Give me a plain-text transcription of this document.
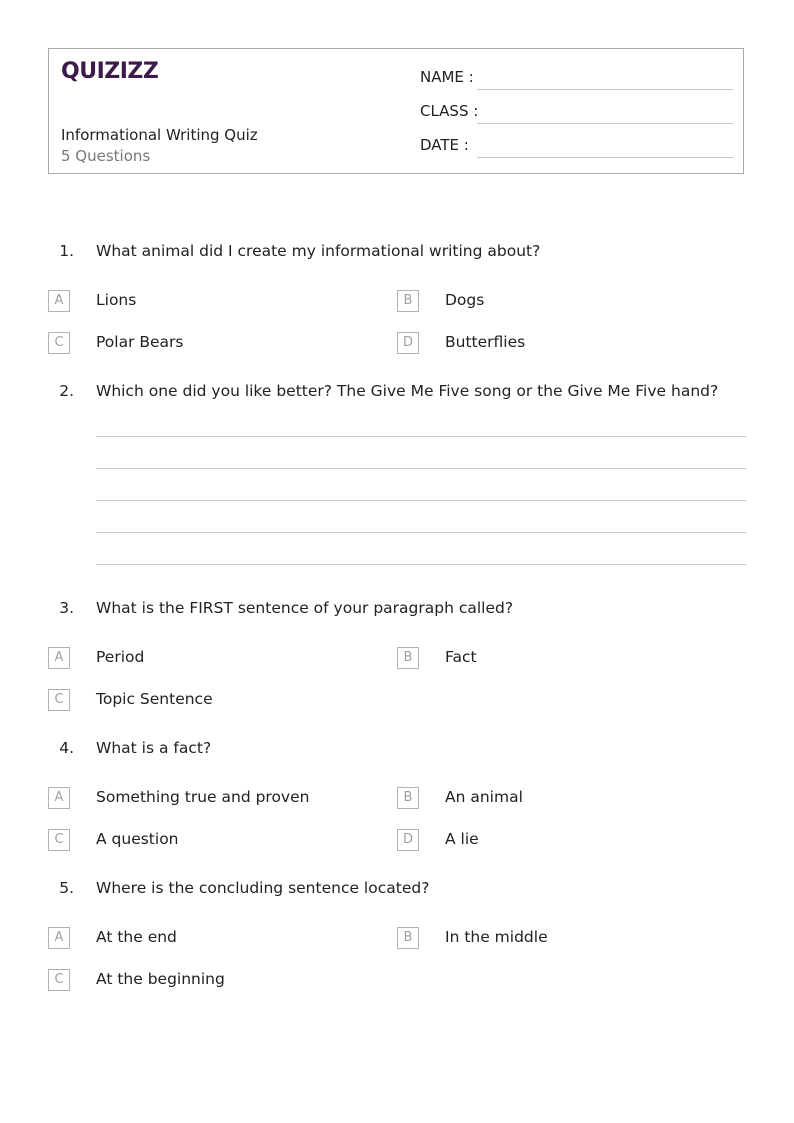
QUIZIZZ
Informational Writing Quiz
5 Questions
NAME :
CLASS :
DATE :
1. What animal did I create my informational writing about?
A	Lions	B	Dogs
C	Polar Bears	D	Butterflies
2. Which one did you like better? The Give Me Five song or the Give Me Five hand?
3. What is the FIRST sentence of your paragraph called?
A	Period	B	Fact
C	Topic Sentence
4. What is a fact?
A	Something true and proven	B	An animal
C	A question	D	A lie
5. Where is the concluding sentence located?
A	At the end	B	In the middle
C	At the beginning
